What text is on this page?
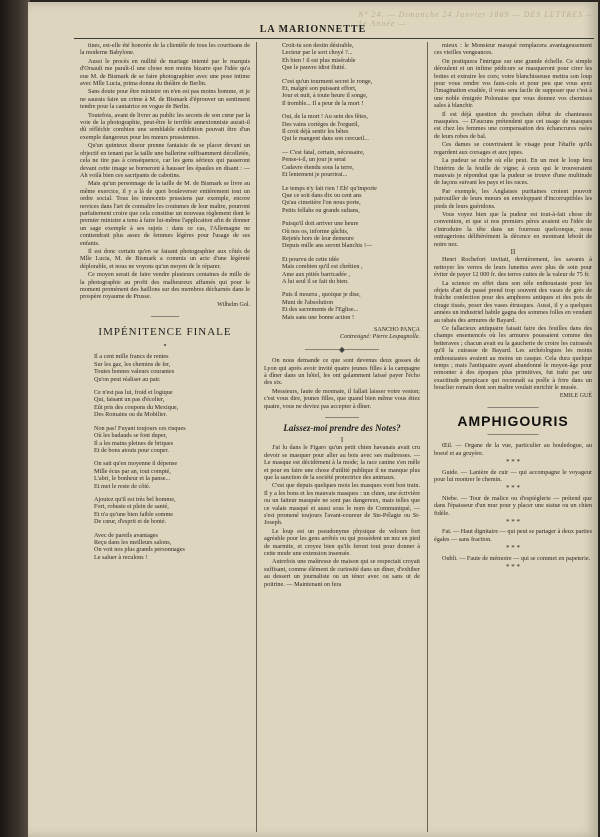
N° 24. — Dimanche 24 Janvier 1869 — DES LETTRES — 1e Année —
LA MARIONNETTE

tines, est-elle été honorée de la clientèle de tous les courtisans de la moderne Babylone.

Aussi le procès en nullité de mariage intenté par le marquis d'Orsault me paraît-il une chose non moins bizarre que l'idée qu'a eue M. de Bismark de se faire photographier avec une pose intime avec Mlle Lucia, prima donna du théâtre de Berlin.

Sans doute pour être ministre on n'en est pas moins homme, et je ne saurais faire un crime à M. de Bismark d'éprouver un sentiment tendre pour la cantatrice en vogue de Berlin.

Toutefois, avant de livrer au public les secrets de son cœur par la voie de la photographie, peut-être le terrible annexionniste aurait-il dû réfléchir combien une semblable exhibition pouvait être d'un exemple dangereux pour les mœurs prussiennes.

Qu'un quinteux diseur prenne fantaisie de se placer devant un objectif en tenant par la taille une ballerine suffisamment décolletée, cela ne tire pas à conséquence, car les gens sérieux qui passeront devant cette image se borneront à hausser les épaules en disant : — Ah voilà bien ces sacripants de cabotins.

Mais qu'un personnage de la taille de M. de Bismark se livre au même exercice, il y a là de quoi bouleverser entièrement tout un ordre social. Tous les innocents prussiens par exemple, encore novices dans l'art de connaître les coutumes de leur maître, pourront parfaitement croire que cela constitue un nouveau règlement dont le premier ministre a tenu à faire lui-même l'application afin de donner un sage exemple à ses sujets : dans ce cas, l'Allemagne ne contiendrait plus assez de femmes légères pour l'usage de ses enfants.

Il est donc certain qu'en se faisant photographier aux côtés de Mlle Lucia, M. de Bismark a commis un acte d'une légèreté déplorable, et nous ne voyons qu'un moyen de le réparer.

Ce moyen serait de faire vendre plusieurs centaines de mille de la photographie au profit des malheureux affamés qui pour le moment promènent des haillons sur des membres décharnés dans le prospère royaume de Prusse.

Wilhelm Gol.
─────
IMPÉNITENCE FINALE
•

Il a cent mille francs de rentes

Sur les gaz, les chemins de fer,

Toutes bonnes valeurs courantes

Qu'on peut réaliser au pair.

Ce n'est pas lui, froid et logique

Qui, faisant un pas d'écolier,

Eût pris des coupons du Mexique,

Des Romains ou du Mobilier.

Non pas! Fuyant toujours ces risques

Où les badauds se font duper,

Il a les mains pleines de briques

Et de bons atouts pour couper.

On sait qu'en moyenne il dépense

Mille écus par an, tout compté,

L'abri, le bonheur et la panse...

Et met le reste de côté.

Ajoutez qu'il est très bel homme,

Fort, robuste et plein de santé,

Et n'a qu'une bien faible somme

De cœur, d'esprit et de bonté.

Avec de pareils avantages

Reçu dans les meilleurs salons,

On voit nos plus grands personnages

Le saluer à reculons !

Croit-tu son destin désirable,

Lecteur par le sort choyé ?...

Eh bien ! il est plus misérable

Que le pauvre idiot flutté.

C'est qu'un tourment secret le ronge,

Et, malgré son puissant effort,

Jour et nuit, à toute heure il songe,

Il tremble... Il a peur de la mort !

Oui, de la mort ! Au sein des fêtes,

Des vains cortèges de l'orgueil,

Il croit déjà sentir les bêtes

Qui le mangent dans son cercueil...

— C'est fatal, certain, nécessaire,

Pense-t-il, un jour je serai

Cadavre étendu sous la terre,

Et lentement je pourrirai...

Le temps n'y fait rien ! Eh! qu'importe

Que ce soit dans dix ou cent ans

Qu'au cimetière l'on nous porte,

Petits fellahs ou grands sultans,

Puisqu'il doit arriver une heure

Où nos os, informe gâchis,

Rejetés hors de leur demeure

Depuis mille ans seront blanchis !—

Et pourvu de cette idée

Mais combien qu'il est chrétien ,

Ame aux pitiés barricadée ,

A lui seul il se fait du bien.

Puis il mourra , quoique je dise,

Muni de l'absolution

Et des sacrements de l'Eglise...

Mais sans une bonne action !

SANCHO PANÇA
Contresigné: Pierre Lespagnolle.
──────◆──────

On nous demande ce que sont devenus deux gosses de Lyon qui après avoir invité quatre jeunes filles à la campagne à dîner dans un hôtel, les ont galamment laissé payer l'écho des six.

Messieurs, faute de monnaie, il fallait laisser votre veston; c'est vous dire, jeunes filles, que quand bien même vous étiez quatre, vous ne deviez pas accepter à dîner.

──────
Laissez-moi prendre des Notes?
I

J'ai lu dans le Figaro qu'un petit chien havanais avait cru devoir se masquer pour aller au bois avec ses maîtresses. — Le masque est décidément à la mode; la race canine s'en mêle et pour en faire une chose d'utilité publique il ne manque plus que la sanction de la société protectrice des animaux.

C'est que depuis quelques mois les masques vont bon train. Il y a les bons et les mauvais masques : un chien, une écrivière ou un faiteur masquée ne sont pas dangereux, mais telles que ce valais masqué et aussi sous le nom de Communiqué, — s'est promené toujours l'avant-coureur de Ste-Pélagie ou St-Joseph.

Le loup est un pseudonyme physique de velours fort agréable pour les gens arrêtés ou qui possèdent un nez en pied de marmite, et croyez bien qu'ils feront tout pour donner à cette mode une extension insensée.

Autrefois une maîtresse de maison qui se respectait croyait suffisant, comme élément de curiosité dans un dîner, d'exhiber au dessert un journaliste ou un ténor avec ou sans ut de poitrine. — Maintenant on fera

mieux : le Monsieur masqué remplacera avantageusement ces vieilles vengeances.

On pratiquera l'intrigue sur une grande échelle. Ce simple déroulent et un infime pédicure se masqueront pour cirer les bottes et extraire les cors; votre blanchisseuse mettra son loup pour vous rendre vos faux-cols et pour peu que vous ayez l'imagination exaltée, il vous sera facile de supposer que c'est à une noble émigrée Polonaise que vous donnez vos chemises sales à blanchir.

Il est déjà question du prochain début de chanteuses masquées. — D'aucuns prétendent que cet usage de masques est chez les femmes une compensation des échancrures osées de leurs robes de bal.

Ces dames se couvriraient le visage pour l'étaffe qu'ils regardent aux corsages et aux jupes.

La pudeur se niche où elle peut. En un mot le loup fera l'intérim de la feuille de vigne; à ceux qui le trouveraient mauvais je répondrai que la pudeur se trouve d'une multitude de façons suivant les pays et les races.

Par exemple, les Anglaises puritaines croient pouvoir patrouiller de leurs mœurs en enveloppant d'incorruptibles les pieds de leurs guéridons.

Vous voyez bien que la pudeur est tout-à-fait chose de convention, et que si nos premiers pères avaient eu l'idée de s'introduire la tête dans un fourreau quelconque, nous ontragerions délibérément la décence en montrant leboût de notre nez.

II

Henri Rochefort invitait, dernièrement, les savants à nettoyer les verres de leurs lunettes avec plus de soin pour éviter de payer 12 000 fr. des terres cuites de la valeur de 75 fr.

La science en effet dans son zèle enthousiaste pour les objets d'art du passé prend trop souvent des vases de grès de fraîche confection pour des amphores antiques et des pots de cirage tissés, poser des vases étrusques. Aussi, il y a quelques années un industriel habile gagna des sommes folles en vendant au rabais des armures de Bayard.

Ce fallacieux antiquaire faisait faire des feuilles dans des champs ensemencés où les armures poussaient comme des betteraves ; chacun avait eu la gaucherie de croire les cuirassés qu'il la cuirasse de Bayard. Les archéologues les moins enthousiastes avaient au moins un casque. Cela dura quelque temps ; mais l'antiquaire ayant abandonné le moyen-âge pour remonter à des époques plus primitives, fut trahi par une exactitude perspicace qui reconnaît sa poêle à frire dans un bouclier romain dont son maître voulait enrichir le musée.

EMILE GUÉ
─────────
AMPHIGOURIS
─────────

Œil. — Organe de la vue, particulier au bouledogue, au boeuf et au gruyère.

* * *

Guide. — Lanière de cuir — qui accompagne le voyageur pour lui montrer le chemin.

* * *

Niebe. — Tour de malice ou d'espièglerie — prétend que dans l'épaisseur d'un mur pour y placer une statue ou un chien fidèle.

* * *

Fat. — Haut dignitaire — qui peut se partager à deux parties égales — sans fraction.

* * *

Oubli. — Faute de mémoire — qui se commet en papeterie.

* * *
